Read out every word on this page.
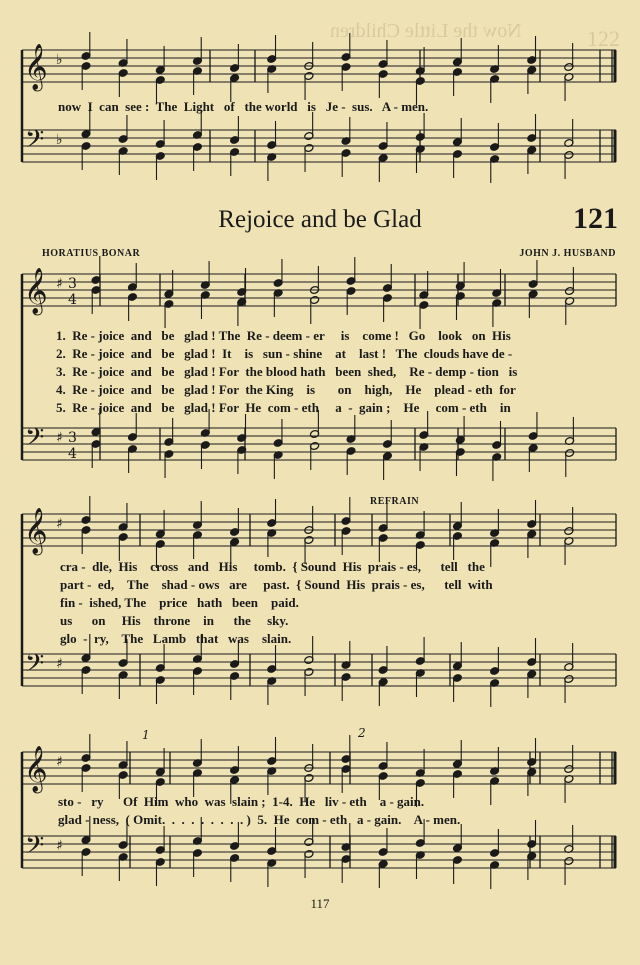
122
Now the Little Children
𝄞
𝄢
♭
♭
𝄞
𝄢
♯
♯
3
4
3
4
𝄞
𝄢
♯
♯
𝄞
𝄢
♯
♯
now  I  can  see :  The  Light   of   the world   is   Je -  sus.   A - men.
Rejoice and be Glad	121
HORATIUS BONAR	JOHN J. HUSBAND
1.  Re - joice  and   be   glad ! The  Re - deem - er     is    come !   Go    look   on  His
2.  Re - joice  and   be   glad !  It    is   sun - shine    at    last !   The  clouds have de -
3.  Re - joice  and   be   glad ! For  the blood hath   been  shed,    Re - demp - tion   is
4.  Re - joice  and   be   glad ! For  the King    is       on    high,    He    plead - eth  for
5.  Re - joice  and   be   glad ! For  He  com - eth     a  -  gain ;    He     com - eth    in
REFRAIN
cra -  dle,  His    cross   and   His     tomb.  { Sound  His  prais - es,      tell   the
part -  ed,    The    shad - ows   are     past.  { Sound  His  prais - es,      tell  with
fin -  ished, The    price   hath   been    paid.
us      on     His    throne    in      the     sky.
glo  -  ry,    The   Lamb   that   was    slain.
sto -   ry      Of  Him  who  was  slain ;  1-4.  He   liv - eth    a - gain.
glad - ness,  ( Omit.  .  .  .  .  .  .  .  . )  5.  He  com - eth   a - gain.    A - men.
1	2
117
